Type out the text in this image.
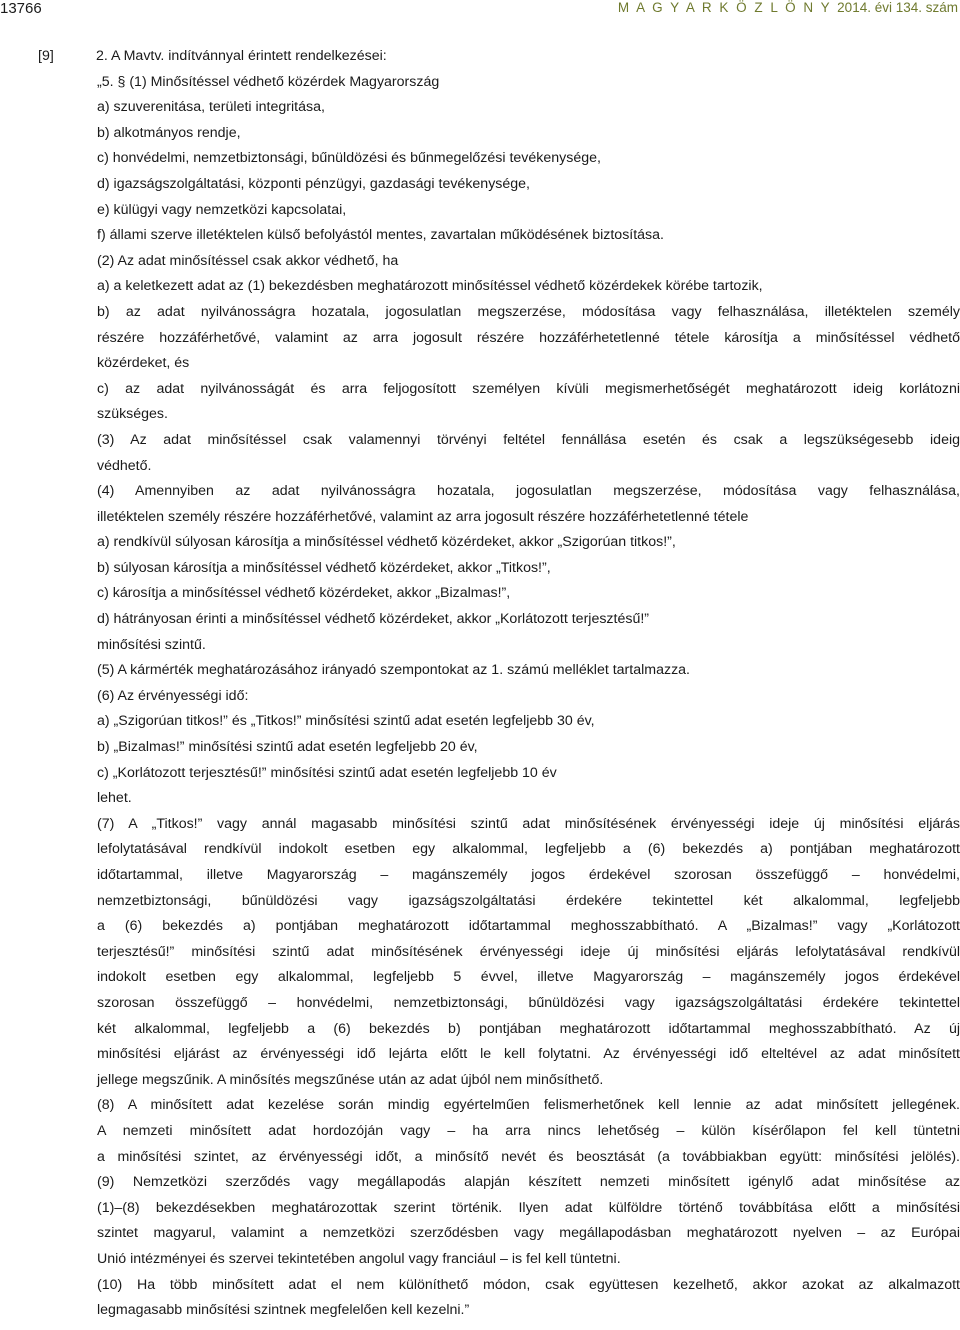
13766	M A G Y A R K Ö Z L Ö N Y 2014. évi 134. szám
[9]	2. A Mavtv. indítvánnyal érintett rendelkezései:
„5. § (1) Minősítéssel védhető közérdek Magyarország
a) szuverenitása, területi integritása,
b) alkotmányos rendje,
c) honvédelmi, nemzetbiztonsági, bűnüldözési és bűnmegelőzési tevékenysége,
d) igazságszolgáltatási, központi pénzügyi, gazdasági tevékenysége,
e) külügyi vagy nemzetközi kapcsolatai,
f) állami szerve illetéktelen külső befolyástól mentes, zavartalan működésének biztosítása.
(2) Az adat minősítéssel csak akkor védhető, ha
a) a keletkezett adat az (1) bekezdésben meghatározott minősítéssel védhető közérdekek körébe tartozik,
b) az adat nyilvánosságra hozatala, jogosulatlan megszerzése, módosítása vagy felhasználása, illetéktelen személy
részére hozzáférhetővé, valamint az arra jogosult részére hozzáférhetetlenné tétele károsítja a minősítéssel védhető
közérdeket, és
c) az adat nyilvánosságát és arra feljogosított személyen kívüli megismerhetőségét meghatározott ideig korlátozni
szükséges.
(3) Az adat minősítéssel csak valamennyi törvényi feltétel fennállása esetén és csak a legszükségesebb ideig
védhető.
(4) Amennyiben az adat nyilvánosságra hozatala, jogosulatlan megszerzése, módosítása vagy felhasználása,
illetéktelen személy részére hozzáférhetővé, valamint az arra jogosult részére hozzáférhetetlenné tétele
a) rendkívül súlyosan károsítja a minősítéssel védhető közérdeket, akkor „Szigorúan titkos!”,
b) súlyosan károsítja a minősítéssel védhető közérdeket, akkor „Titkos!”,
c) károsítja a minősítéssel védhető közérdeket, akkor „Bizalmas!”,
d) hátrányosan érinti a minősítéssel védhető közérdeket, akkor „Korlátozott terjesztésű!”
minősítési szintű.
(5) A kármérték meghatározásához irányadó szempontokat az 1. számú melléklet tartalmazza.
(6) Az érvényességi idő:
a) „Szigorúan titkos!” és „Titkos!” minősítési szintű adat esetén legfeljebb 30 év,
b) „Bizalmas!” minősítési szintű adat esetén legfeljebb 20 év,
c) „Korlátozott terjesztésű!” minősítési szintű adat esetén legfeljebb 10 év
lehet.
(7) A „Titkos!” vagy annál magasabb minősítési szintű adat minősítésének érvényességi ideje új minősítési eljárás
lefolytatásával rendkívül indokolt esetben egy alkalommal, legfeljebb a (6) bekezdés a) pontjában meghatározott
időtartammal, illetve Magyarország – magánszemély jogos érdekével szorosan összefüggő – honvédelmi,
nemzetbiztonsági, bűnüldözési vagy igazságszolgáltatási érdekére tekintettel két alkalommal, legfeljebb
a (6) bekezdés a) pontjában meghatározott időtartammal meghosszabbítható. A „Bizalmas!” vagy „Korlátozott
terjesztésű!” minősítési szintű adat minősítésének érvényességi ideje új minősítési eljárás lefolytatásával rendkívül
indokolt esetben egy alkalommal, legfeljebb 5 évvel, illetve Magyarország – magánszemély jogos érdekével
szorosan összefüggő – honvédelmi, nemzetbiztonsági, bűnüldözési vagy igazságszolgáltatási érdekére tekintettel
két alkalommal, legfeljebb a (6) bekezdés b) pontjában meghatározott időtartammal meghosszabbítható. Az új
minősítési eljárást az érvényességi idő lejárta előtt le kell folytatni. Az érvényességi idő elteltével az adat minősített
jellege megszűnik. A minősítés megszűnése után az adat újból nem minősíthető.
(8) A minősített adat kezelése során mindig egyértelműen felismerhetőnek kell lennie az adat minősített jellegének.
A nemzeti minősített adat hordozóján vagy – ha arra nincs lehetőség – külön kísérőlapon fel kell tüntetni
a minősítési szintet, az érvényességi időt, a minősítő nevét és beosztását (a továbbiakban együtt: minősítési jelölés).
(9) Nemzetközi szerződés vagy megállapodás alapján készített nemzeti minősített igénylő adat minősítése az
(1)–(8) bekezdésekben meghatározottak szerint történik. Ilyen adat külföldre történő továbbítása előtt a minősítési
szintet magyarul, valamint a nemzetközi szerződésben vagy megállapodásban meghatározott nyelven – az Európai
Unió intézményei és szervei tekintetében angolul vagy franciául – is fel kell tüntetni.
(10) Ha több minősített adat el nem különíthető módon, csak együttesen kezelhető, akkor azokat az alkalmazott
legmagasabb minősítési szintnek megfelelően kell kezelni.”
